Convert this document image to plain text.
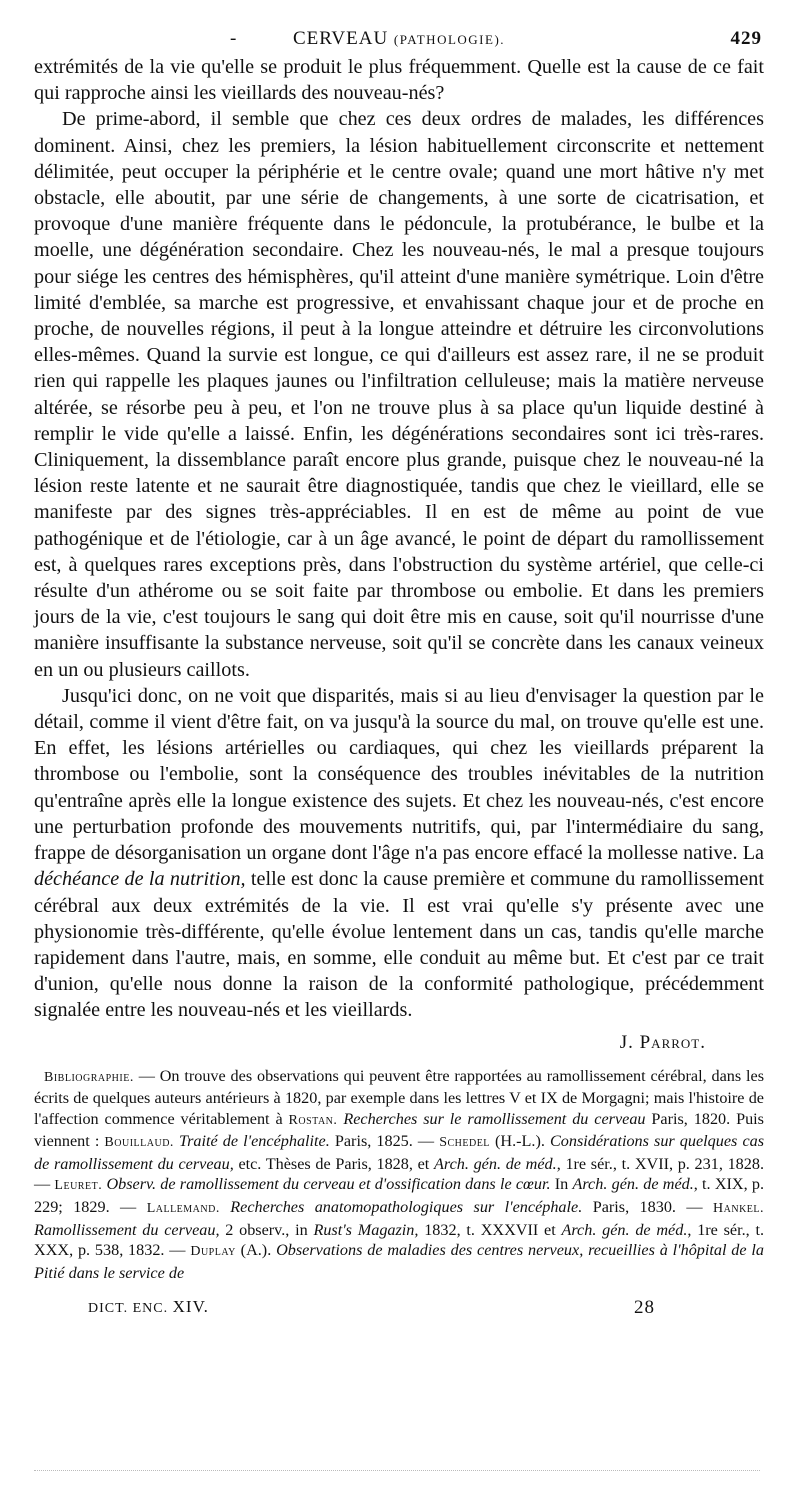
-	CERVEAU (PATHOLOGIE).	429

extrémités de la vie qu'elle se produit le plus fréquemment. Quelle est la cause de ce fait qui rapproche ainsi les vieillards des nouveau-nés?

De prime-abord, il semble que chez ces deux ordres de malades, les différences dominent. Ainsi, chez les premiers, la lésion habituellement circonscrite et nettement délimitée, peut occuper la périphérie et le centre ovale; quand une mort hâtive n'y met obstacle, elle aboutit, par une série de changements, à une sorte de cicatrisation, et provoque d'une manière fréquente dans le pédoncule, la protubérance, le bulbe et la moelle, une dégénération secondaire. Chez les nouveau-nés, le mal a presque toujours pour siége les centres des hémisphères, qu'il atteint d'une manière symétrique. Loin d'être limité d'emblée, sa marche est progressive, et envahissant chaque jour et de proche en proche, de nouvelles régions, il peut à la longue atteindre et détruire les circonvolutions elles-mêmes. Quand la survie est longue, ce qui d'ailleurs est assez rare, il ne se produit rien qui rappelle les plaques jaunes ou l'infiltration celluleuse; mais la matière nerveuse altérée, se résorbe peu à peu, et l'on ne trouve plus à sa place qu'un liquide destiné à remplir le vide qu'elle a laissé. Enfin, les dégénérations secondaires sont ici très-rares. Cliniquement, la dissemblance paraît encore plus grande, puisque chez le nouveau-né la lésion reste latente et ne saurait être diagnostiquée, tandis que chez le vieillard, elle se manifeste par des signes très-appréciables. Il en est de même au point de vue pathogénique et de l'étiologie, car à un âge avancé, le point de départ du ramollissement est, à quelques rares exceptions près, dans l'obstruction du système artériel, que celle-ci résulte d'un athérome ou se soit faite par thrombose ou embolie. Et dans les premiers jours de la vie, c'est toujours le sang qui doit être mis en cause, soit qu'il nourrisse d'une manière insuffisante la substance nerveuse, soit qu'il se concrète dans les canaux veineux en un ou plusieurs caillots.

Jusqu'ici donc, on ne voit que disparités, mais si au lieu d'envisager la question par le détail, comme il vient d'être fait, on va jusqu'à la source du mal, on trouve qu'elle est une. En effet, les lésions artérielles ou cardiaques, qui chez les vieillards préparent la thrombose ou l'embolie, sont la conséquence des troubles inévitables de la nutrition qu'entraîne après elle la longue existence des sujets. Et chez les nouveau-nés, c'est encore une perturbation profonde des mouvements nutritifs, qui, par l'intermédiaire du sang, frappe de désorganisation un organe dont l'âge n'a pas encore effacé la mollesse native. La déchéance de la nutrition, telle est donc la cause première et commune du ramollissement cérébral aux deux extrémités de la vie. Il est vrai qu'elle s'y présente avec une physionomie très-différente, qu'elle évolue lentement dans un cas, tandis qu'elle marche rapidement dans l'autre, mais, en somme, elle conduit au même but. Et c'est par ce trait d'union, qu'elle nous donne la raison de la conformité pathologique, précédemment signalée entre les nouveau-nés et les vieillards.

J. Parrot.
Bibliographie. — On trouve des observations qui peuvent être rapportées au ramollissement cérébral, dans les écrits de quelques auteurs antérieurs à 1820, par exemple dans les lettres V et IX de Morgagni; mais l'histoire de l'affection commence véritablement à Rostan. Recherches sur le ramollissement du cerveau Paris, 1820. Puis viennent : Bouillaud. Traité de l'encéphalite. Paris, 1825. — Schedel (H.-L.). Considérations sur quelques cas de ramollissement du cerveau, etc. Thèses de Paris, 1828, et Arch. gén. de méd., 1re sér., t. XVII, p. 231, 1828. — Leuret. Observ. de ramollissement du cerveau et d'ossification dans le cœur. In Arch. gén. de méd., t. XIX, p. 229; 1829. — Lallemand. Recherches anatomopathologiques sur l'encéphale. Paris, 1830. — Hankel. Ramollissement du cerveau, 2 observ., in Rust's Magazin, 1832, t. XXXVII et Arch. gén. de méd., 1re sér., t. XXX, p. 538, 1832. — Duplay (A.). Observations de maladies des centres nerveux, recueillies à l'hôpital de la Pitié dans le service de
DICT. ENC. XIV.	28
